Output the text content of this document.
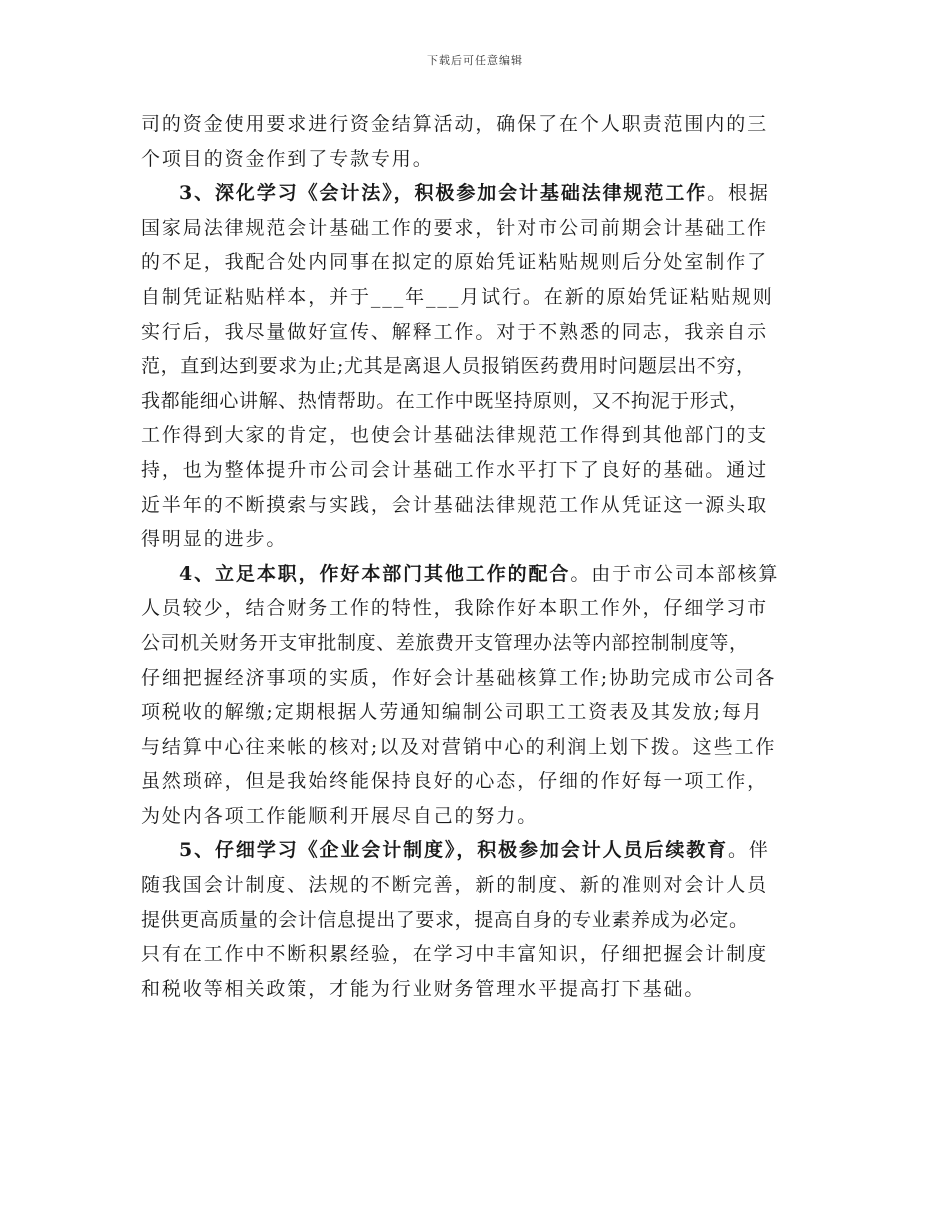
下载后可任意编辑
司的资金使用要求进行资金结算活动，确保了在个人职责范围内的三
个项目的资金作到了专款专用。
3、深化学习《会计法》，积极参加会计基础法律规范工作。根据
国家局法律规范会计基础工作的要求，针对市公司前期会计基础工作
的不足，我配合处内同事在拟定的原始凭证粘贴规则后分处室制作了
自制凭证粘贴样本，并于___年___月试行。在新的原始凭证粘贴规则
实行后，我尽量做好宣传、解释工作。对于不熟悉的同志，我亲自示
范，直到达到要求为止;尤其是离退人员报销医药费用时问题层出不穷，
我都能细心讲解、热情帮助。在工作中既坚持原则，又不拘泥于形式，
工作得到大家的肯定，也使会计基础法律规范工作得到其他部门的支
持，也为整体提升市公司会计基础工作水平打下了良好的基础。通过
近半年的不断摸索与实践，会计基础法律规范工作从凭证这一源头取
得明显的进步。
4、立足本职，作好本部门其他工作的配合。由于市公司本部核算
人员较少，结合财务工作的特性，我除作好本职工作外，仔细学习市
公司机关财务开支审批制度、差旅费开支管理办法等内部控制制度等，
仔细把握经济事项的实质，作好会计基础核算工作;协助完成市公司各
项税收的解缴;定期根据人劳通知编制公司职工工资表及其发放;每月
与结算中心往来帐的核对;以及对营销中心的利润上划下拨。这些工作
虽然琐碎，但是我始终能保持良好的心态，仔细的作好每一项工作，
为处内各项工作能顺利开展尽自己的努力。
5、仔细学习《企业会计制度》，积极参加会计人员后续教育。伴
随我国会计制度、法规的不断完善，新的制度、新的准则对会计人员
提供更高质量的会计信息提出了要求，提高自身的专业素养成为必定。
只有在工作中不断积累经验，在学习中丰富知识，仔细把握会计制度
和税收等相关政策，才能为行业财务管理水平提高打下基础。
